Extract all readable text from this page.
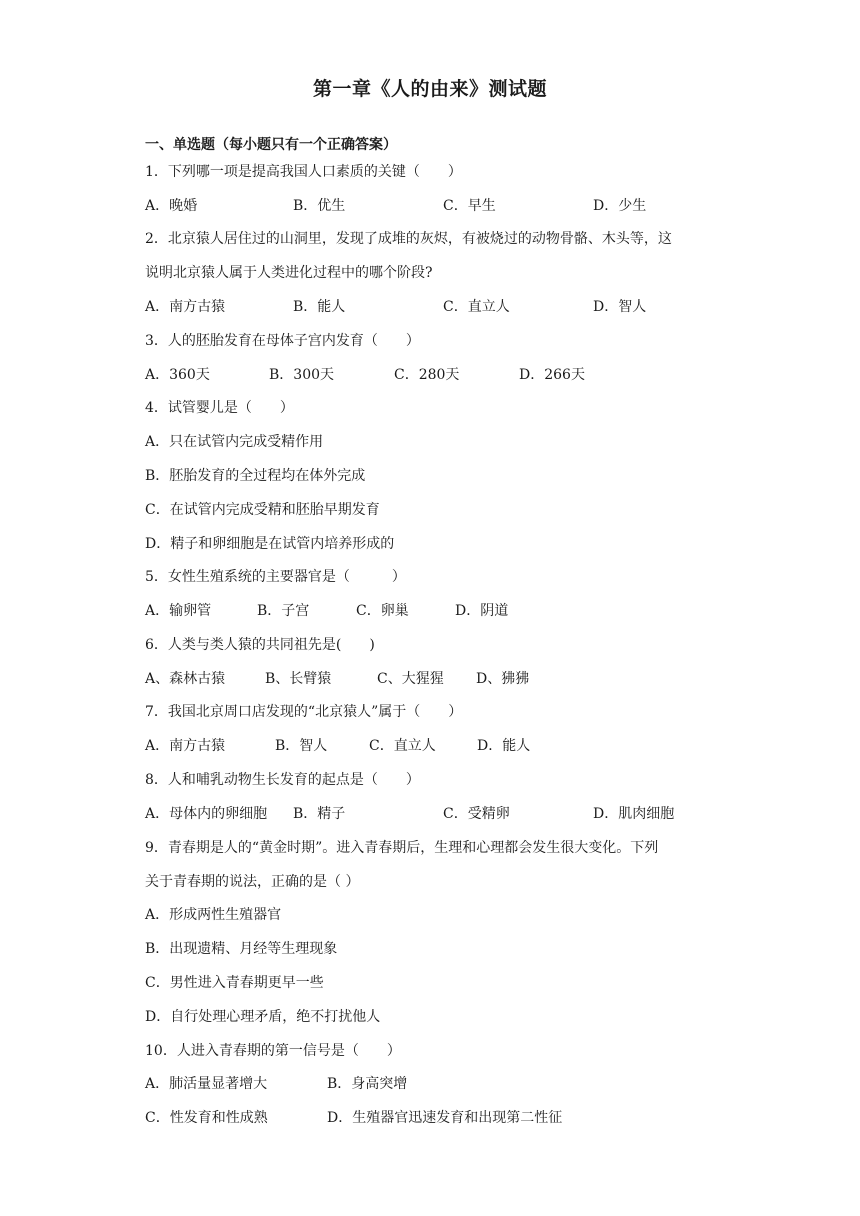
第一章《人的由来》测试题
一、单选题（每小题只有一个正确答案）
1．下列哪一项是提高我国人口素质的关键（　　）
A．晚婚	B．优生	C．早生	D．少生
2．北京猿人居住过的山洞里，发现了成堆的灰烬，有被烧过的动物骨骼、木头等，这
说明北京猿人属于人类进化过程中的哪个阶段?
A．南方古猿	B．能人	C．直立人	D．智人
3．人的胚胎发育在母体子宫内发育（　　）
A．360天	B．300天	C．280天	D．266天
4．试管婴儿是（　　）
A．只在试管内完成受精作用
B．胚胎发育的全过程均在体外完成
C．在试管内完成受精和胚胎早期发育
D．精子和卵细胞是在试管内培养形成的
5．女性生殖系统的主要器官是（　　　）
A．输卵管	B．子宫	C．卵巢	D．阴道
6．人类与类人猿的共同祖先是(　　)
A、森林古猿	B、长臂猿	C、大猩猩 D、狒狒
7．我国北京周口店发现的“北京猿人”属于（　　）
A．南方古猿	B．智人	C．直立人	D．能人
8．人和哺乳动物生长发育的起点是（　　）
A．母体内的卵细胞 B．精子	C．受精卵	D．肌肉细胞
9．青春期是人的“黄金时期”。进入青春期后，生理和心理都会发生很大变化。下列
关于青春期的说法，正确的是（ ）
A．形成两性生殖器官
B．出现遗精、月经等生理现象
C．男性进入青春期更早一些
D．自行处理心理矛盾，绝不打扰他人
10．人进入青春期的第一信号是（　　）
A．肺活量显著增大	B．身高突增
C．性发育和性成熟	D．生殖器官迅速发育和出现第二性征
